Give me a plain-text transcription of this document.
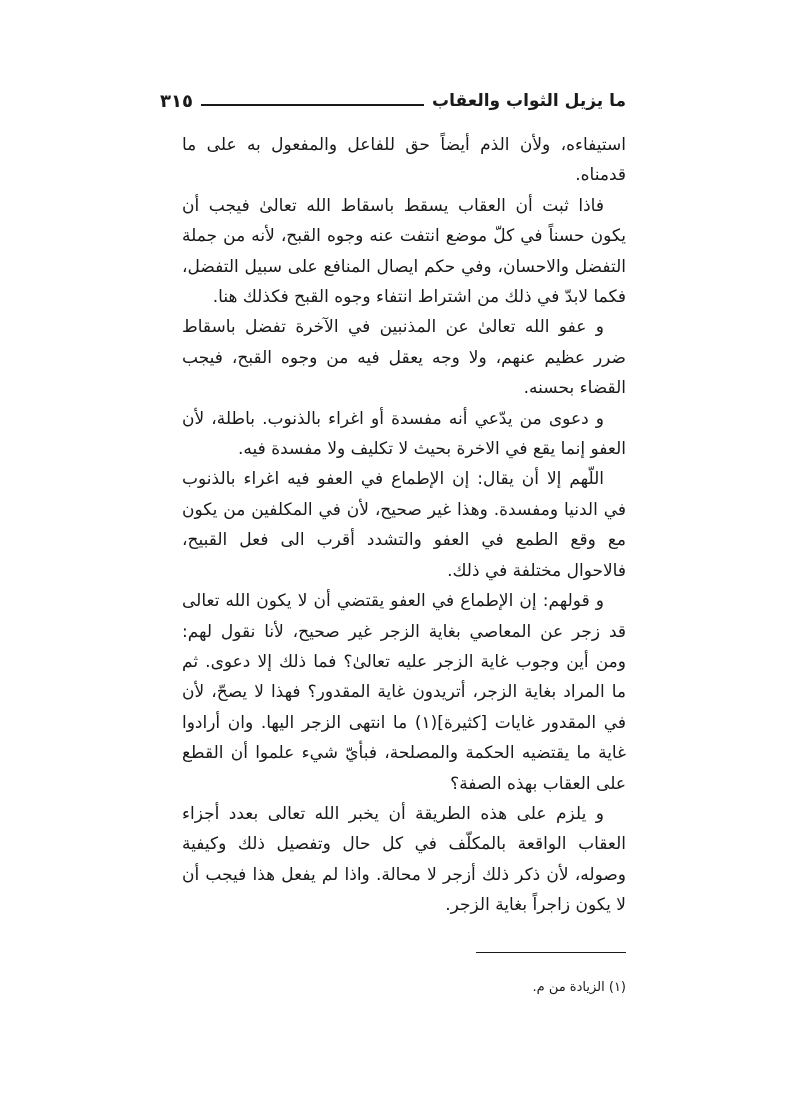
ما يزيل الثواب والعقاب
٣١٥

استيفاءه، ولأن الذم أيضاً حق للفاعل والمفعول به على ما قدمناه.

فاذا ثبت أن العقاب يسقط باسقاط الله تعالىٰ فيجب أن يكون حسناً في كلّ موضع انتفت عنه وجوه القبح، لأنه من جملة التفضل والاحسان، وفي حكم ايصال المنافع على سبيل التفضل، فكما لابدّ في ذلك من اشتراط انتفاء وجوه القبح فكذلك هنا.

و عفو الله تعالىٰ عن المذنبين في الآخرة تفضل باسقاط ضرر عظيم عنهم، ولا وجه يعقل فيه من وجوه القبح، فيجب القضاء بحسنه.

و دعوى من يدّعي أنه مفسدة أو اغراء بالذنوب. باطلة، لأن العفو إنما يقع في الاخرة بحيث لا تكليف ولا مفسدة فيه.

اللّهم إلا أن يقال: إن الإطماع في العفو فيه اغراء بالذنوب في الدنيا ومفسدة. وهذا غير صحيح، لأن في المكلفين من يكون مع وقع الطمع في العفو والتشدد أقرب الى فعل القبيح، فالاحوال مختلفة في ذلك.

و قولهم: إن الإطماع في العفو يقتضي أن لا يكون الله تعالى قد زجر عن المعاصي بغاية الزجر غير صحيح، لأنا نقول لهم: ومن أين وجوب غاية الزجر عليه تعالىٰ؟ فما ذلك إلا دعوى. ثم ما المراد بغاية الزجر، أتريدون غاية المقدور؟ فهذا لا يصحّ، لأن في المقدور غايات [كثيرة](١) ما انتهى الزجر اليها. وان أرادوا غاية ما يقتضيه الحكمة والمصلحة، فبأيّ شيء علموا أن القطع على العقاب بهذه الصفة؟

و يلزم على هذه الطريقة أن يخبر الله تعالى بعدد أجزاء العقاب الواقعة بالمكلّف في كل حال وتفصيل ذلك وكيفية وصوله، لأن ذكر ذلك أزجر لا محالة. واذا لم يفعل هذا فيجب أن لا يكون زاجراً بغاية الزجر.

(١) الزيادة من م.
